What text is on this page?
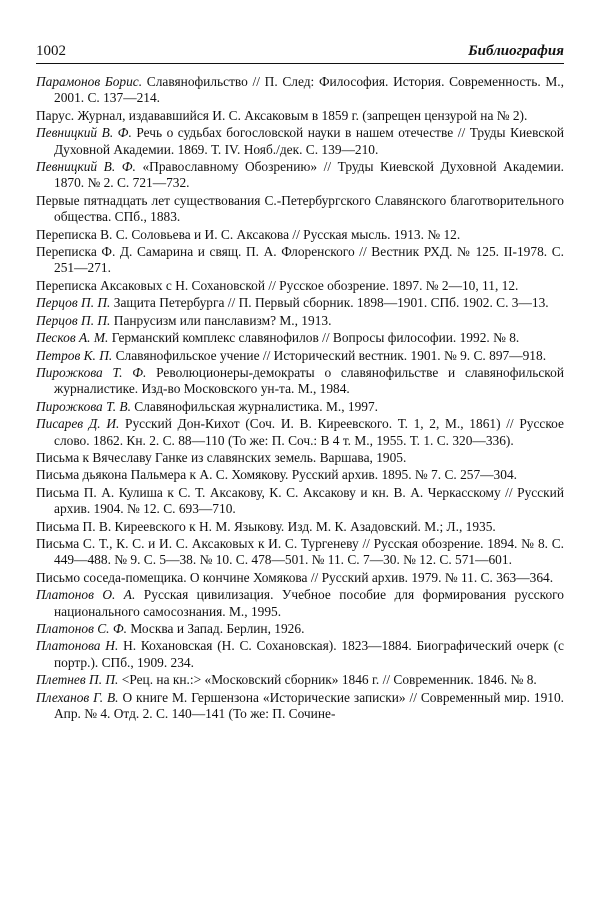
1002	Библиография

Парамонов Борис. Славянофильство // П. След: Философия. История. Современность. М., 2001. С. 137—214.

Парус. Журнал, издававшийся И. С. Аксаковым в 1859 г. (запрещен цензурой на № 2).

Певницкий В. Ф. Речь о судьбах богословской науки в нашем отечестве // Труды Киевской Духовной Академии. 1869. Т. IV. Нояб./дек. С. 139—210.

Певницкий В. Ф. «Православному Обозрению» // Труды Киевской Духовной Академии. 1870. № 2. С. 721—732.

Первые пятнадцать лет существования С.-Петербургского Славянского благотворительного общества. СПб., 1883.

Переписка В. С. Соловьева и И. С. Аксакова // Русская мысль. 1913. № 12.

Переписка Ф. Д. Самарина и свящ. П. А. Флоренского // Вестник РХД. № 125. II-1978. С. 251—271.

Переписка Аксаковых с Н. Сохановской // Русское обозрение. 1897. № 2—10, 11, 12.

Перцов П. П. Защита Петербурга // П. Первый сборник. 1898—1901. СПб. 1902. С. 3—13.

Перцов П. П. Панрусизм или панславизм? М., 1913.

Песков А. М. Германский комплекс славянофилов // Вопросы философии. 1992. № 8.

Петров К. П. Славянофильское учение // Исторический вестник. 1901. № 9. С. 897—918.

Пирожкова Т. Ф. Революционеры-демократы о славянофильстве и славянофильской журналистике. Изд-во Московского ун-та. М., 1984.

Пирожкова Т. В. Славянофильская журналистика. М., 1997.

Писарев Д. И. Русский Дон-Кихот (Соч. И. В. Киреевского. Т. 1, 2, М., 1861) // Русское слово. 1862. Кн. 2. С. 88—110 (То же: П. Соч.: В 4 т. М., 1955. Т. 1. С. 320—336).

Письма к Вячеславу Ганке из славянских земель. Варшава, 1905.

Письма дьякона Пальмера к А. С. Хомякову. Русский архив. 1895. № 7. С. 257—304.

Письма П. А. Кулиша к С. Т. Аксакову, К. С. Аксакову и кн. В. А. Черкасскому // Русский архив. 1904. № 12. С. 693—710.

Письма П. В. Киреевского к Н. М. Языкову. Изд. М. К. Азадовский. М.; Л., 1935.

Письма С. Т., К. С. и И. С. Аксаковых к И. С. Тургеневу // Русская обозрение. 1894. № 8. С. 449—488. № 9. С. 5—38. № 10. С. 478—501. № 11. С. 7—30. № 12. С. 571—601.

Письмо соседа-помещика. О кончине Хомякова // Русский архив. 1979. № 11. С. 363—364.

Платонов О. А. Русская цивилизация. Учебное пособие для формирования русского национального самосознания. М., 1995.

Платонов С. Ф. Москва и Запад. Берлин, 1926.

Платонова Н. Н. Кохановская (Н. С. Сохановская). 1823—1884. Биографический очерк (с портр.). СПб., 1909. 234.

Плетнев П. П. <Рец. на кн.:> «Московский сборник» 1846 г. // Современник. 1846. № 8.

Плеханов Г. В. О книге М. Гершензона «Исторические записки» // Современный мир. 1910. Апр. № 4. Отд. 2. С. 140—141 (То же: П. Сочине-
